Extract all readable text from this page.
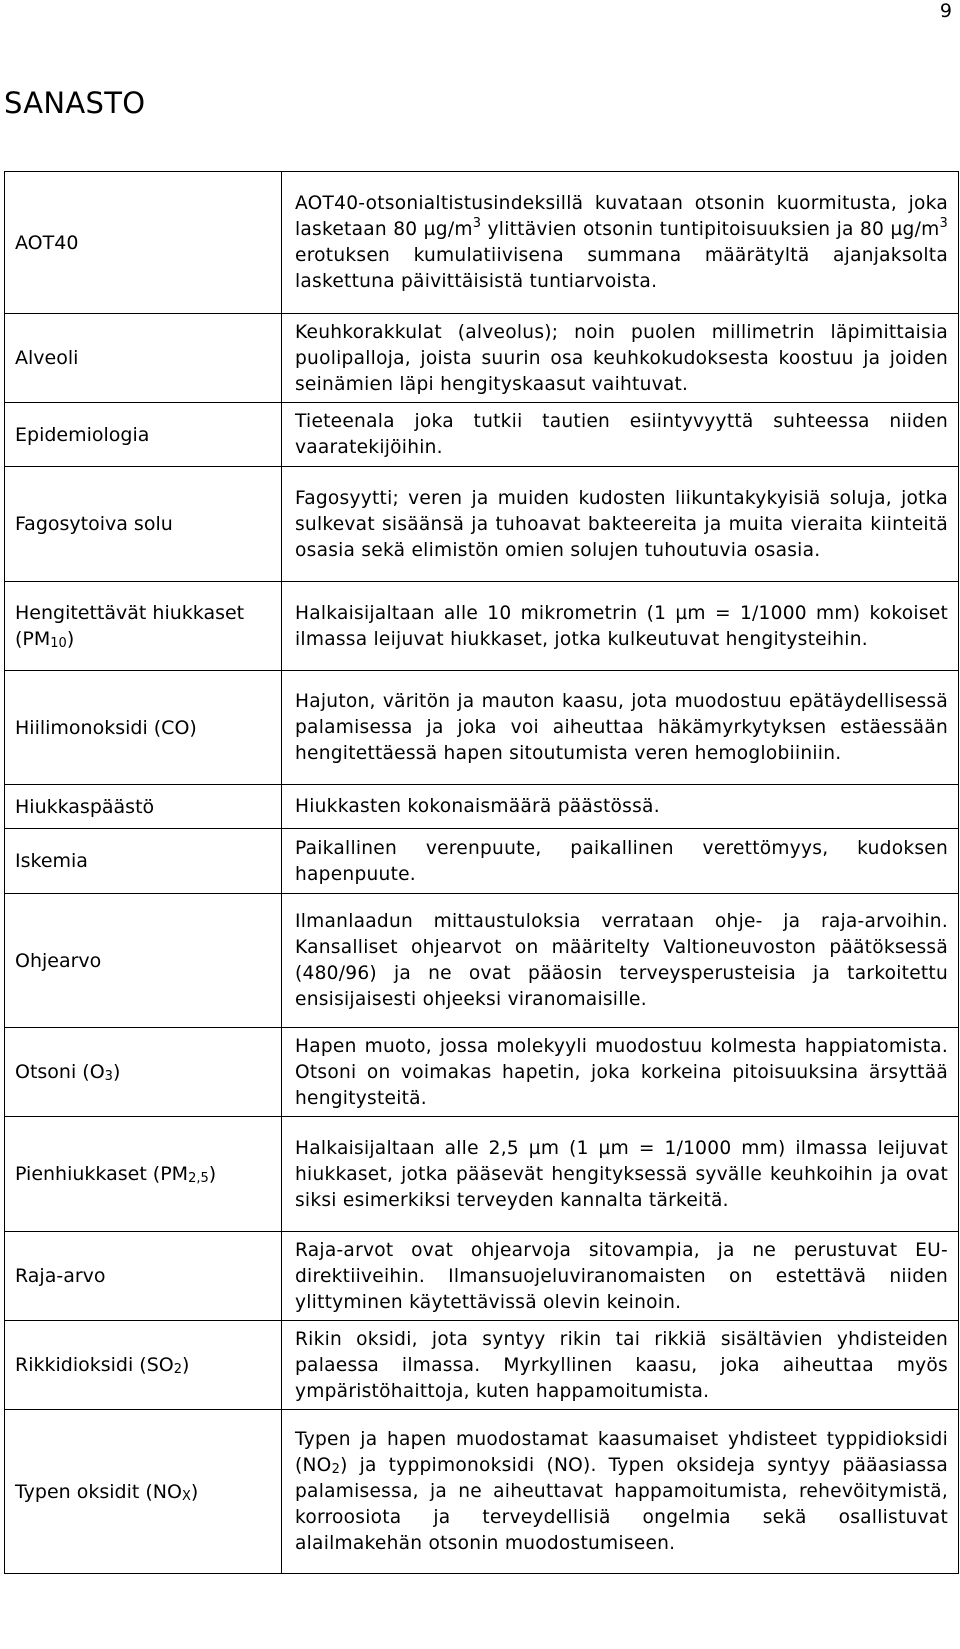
9
SANASTO
AOT40	AOT40-otsonialtistusindeksillä kuvataan otsonin kuormitusta, joka lasketaan 80 $\mu g/m^3$ ylittävien otsonin tuntipitoisuuksien ja 80 $\mu g/m^3$ erotuksen kumulatiivisena summana määrätyltä ajanjaksolta laskettuna päivittäisistä tuntiarvoista.
Alveoli	Keuhkorakkulat (alveolus); noin puolen millimetrin läpimittaisia puolipalloja, joista suurin osa keuhkokudoksesta koostuu ja joiden seinämien läpi hengityskaasut vaihtuvat.
Epidemiologia	Tieteenala joka tutkii tautien esiintyvyyttä suhteessa niiden vaaratekijöihin.
Fagosytoiva solu	Fagosyytti; veren ja muiden kudosten liikuntakykyisiä soluja, jotka sulkevat sisäänsä ja tuhoavat bakteereita ja muita vieraita kiinteitä osasia sekä elimistön omien solujen tuhoutuvia osasia.
Hengitettävät hiukkaset $(PM_{10})$	Halkaisijaltaan alle 10 mikrometrin (1 µm = 1/1000 mm) kokoiset ilmassa leijuvat hiukkaset, jotka kulkeutuvat hengitysteihin.
Hiilimonoksidi (CO)	Hajuton, väritön ja mauton kaasu, jota muodostuu epätäydellisessä palamisessa ja joka voi aiheuttaa häkämyrkytyksen estäessään hengitettäessä hapen sitoutumista veren hemoglobiiniin.
Hiukkaspäästö	Hiukkasten kokonaismäärä päästössä.
Iskemia	Paikallinen verenpuute, paikallinen verettömyys, kudoksen hapenpuute.
Ohjearvo	Ilmanlaadun mittaustuloksia verrataan ohje- ja raja-arvoihin. Kansalliset ohjearvot on määritelty Valtioneuvoston päätöksessä (480/96) ja ne ovat pääosin terveysperusteisia ja tarkoitettu ensisijaisesti ohjeeksi viranomaisille.
Otsoni $(O_3)$	Hapen muoto, jossa molekyyli muodostuu kolmesta happiatomista. Otsoni on voimakas hapetin, joka korkeina pitoisuuksina ärsyttää hengitysteitä.
Pienhiukkaset $(PM_{2,5})$	Halkaisijaltaan alle 2,5 µm (1 µm = 1/1000 mm) ilmassa leijuvat hiukkaset, jotka pääsevät hengityksessä syvälle keuhkoihin ja ovat siksi esimerkiksi terveyden kannalta tärkeitä.
Raja-arvo	Raja-arvot ovat ohjearvoja sitovampia, ja ne perustuvat EU-direktiiveihin. Ilmansuojeluviranomaisten on estettävä niiden ylittyminen käytettävissä olevin keinoin.
Rikkidioksidi $(SO_2)$	Rikin oksidi, jota syntyy rikin tai rikkiä sisältävien yhdisteiden palaessa ilmassa. Myrkyllinen kaasu, joka aiheuttaa myös ympäristöhaittoja, kuten happamoitumista.
Typen oksidit $(NO_X)$	Typen ja hapen muodostamat kaasumaiset yhdisteet typpidioksidi $(NO_2)$ ja typpimonoksidi (NO). Typen oksideja syntyy pääasiassa palamisessa, ja ne aiheuttavat happamoitumista, rehevöitymistä, korroosiota ja terveydellisiä ongelmia sekä osallistuvat alailmakehän otsonin muodostumiseen.
